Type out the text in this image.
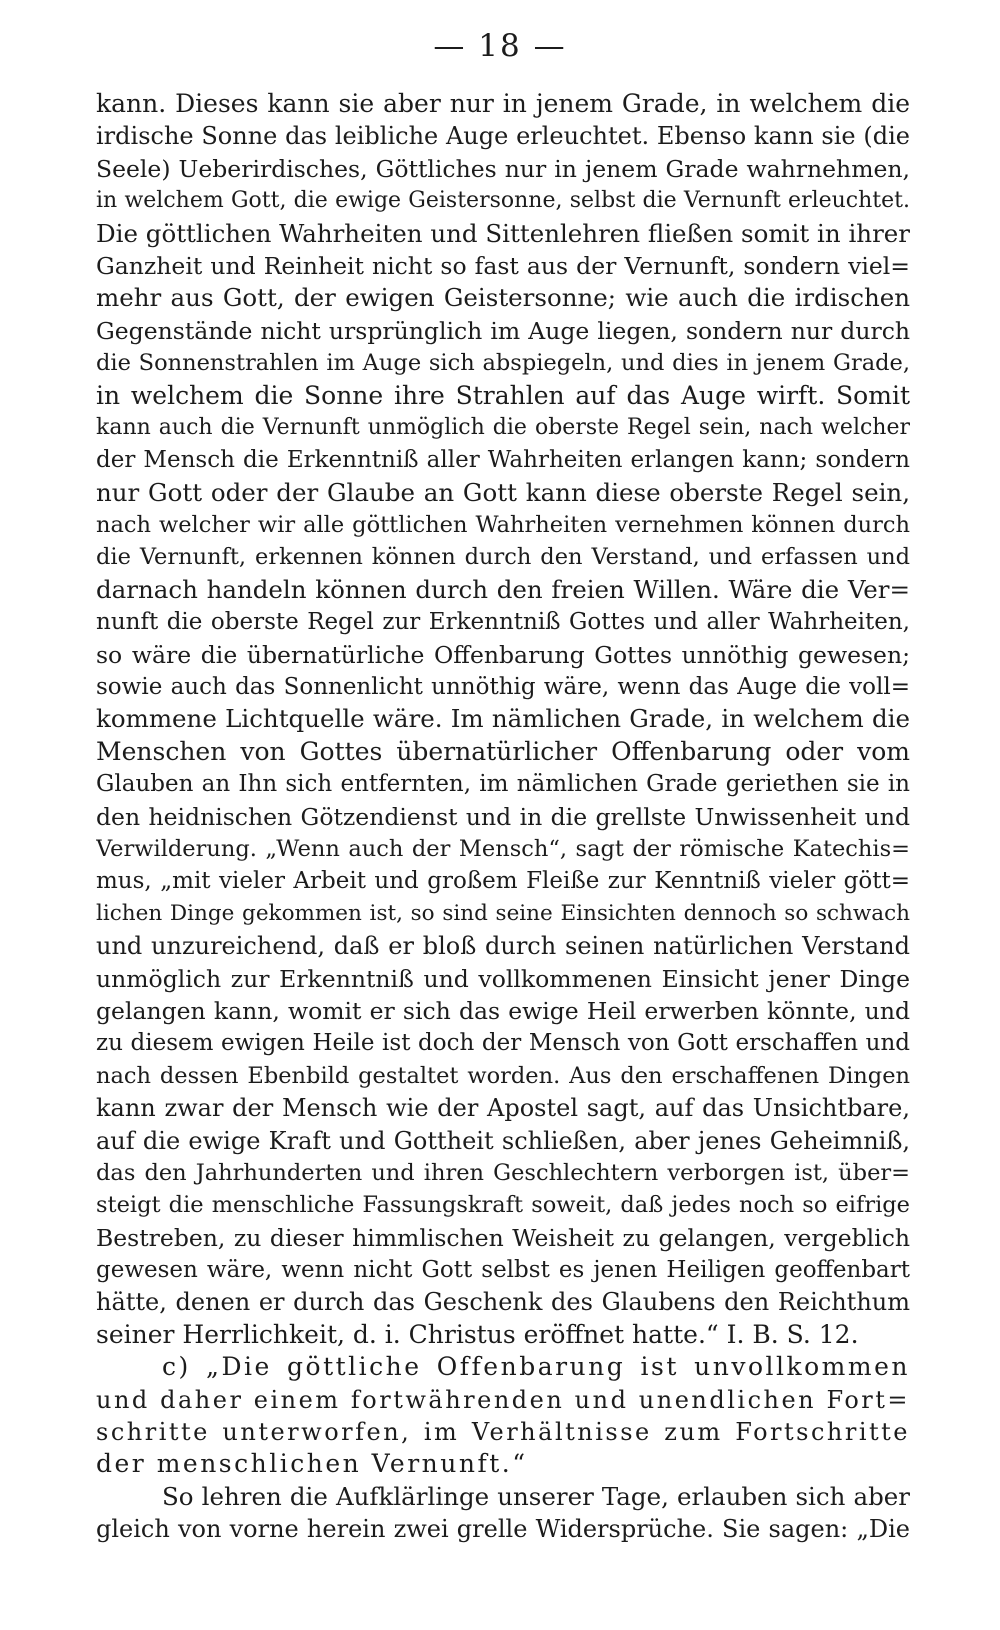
— 18 —
kann. Dieses kann sie aber nur in jenem Grade, in welchem die
irdische Sonne das leibliche Auge erleuchtet. Ebenso kann sie (die
Seele) Ueberirdisches, Göttliches nur in jenem Grade wahrnehmen,
in welchem Gott, die ewige Geistersonne, selbst die Vernunft erleuchtet.
Die göttlichen Wahrheiten und Sittenlehren fließen somit in ihrer
Ganzheit und Reinheit nicht so fast aus der Vernunft, sondern viel=
mehr aus Gott, der ewigen Geistersonne; wie auch die irdischen
Gegenstände nicht ursprünglich im Auge liegen, sondern nur durch
die Sonnenstrahlen im Auge sich abspiegeln, und dies in jenem Grade,
in welchem die Sonne ihre Strahlen auf das Auge wirft. Somit
kann auch die Vernunft unmöglich die oberste Regel sein, nach welcher
der Mensch die Erkenntniß aller Wahrheiten erlangen kann; sondern
nur Gott oder der Glaube an Gott kann diese oberste Regel sein,
nach welcher wir alle göttlichen Wahrheiten vernehmen können durch
die Vernunft, erkennen können durch den Verstand, und erfassen und
darnach handeln können durch den freien Willen. Wäre die Ver=
nunft die oberste Regel zur Erkenntniß Gottes und aller Wahrheiten,
so wäre die übernatürliche Offenbarung Gottes unnöthig gewesen;
sowie auch das Sonnenlicht unnöthig wäre, wenn das Auge die voll=
kommene Lichtquelle wäre. Im nämlichen Grade, in welchem die
Menschen von Gottes übernatürlicher Offenbarung oder vom
Glauben an Ihn sich entfernten, im nämlichen Grade geriethen sie in
den heidnischen Götzendienst und in die grellste Unwissenheit und
Verwilderung. „Wenn auch der Mensch“, sagt der römische Katechis=
mus, „mit vieler Arbeit und großem Fleiße zur Kenntniß vieler gött=
lichen Dinge gekommen ist, so sind seine Einsichten dennoch so schwach
und unzureichend, daß er bloß durch seinen natürlichen Verstand
unmöglich zur Erkenntniß und vollkommenen Einsicht jener Dinge
gelangen kann, womit er sich das ewige Heil erwerben könnte, und
zu diesem ewigen Heile ist doch der Mensch von Gott erschaffen und
nach dessen Ebenbild gestaltet worden. Aus den erschaffenen Dingen
kann zwar der Mensch wie der Apostel sagt, auf das Unsichtbare,
auf die ewige Kraft und Gottheit schließen, aber jenes Geheimniß,
das den Jahrhunderten und ihren Geschlechtern verborgen ist, über=
steigt die menschliche Fassungskraft soweit, daß jedes noch so eifrige
Bestreben, zu dieser himmlischen Weisheit zu gelangen, vergeblich
gewesen wäre, wenn nicht Gott selbst es jenen Heiligen geoffenbart
hätte, denen er durch das Geschenk des Glaubens den Reichthum
seiner Herrlichkeit, d. i. Christus eröffnet hatte.“ I. B. S. 12.
c) „Die göttliche Offenbarung ist unvollkommen
und daher einem fortwährenden und unendlichen Fort=
schritte unterworfen, im Verhältnisse zum Fortschritte
der menschlichen Vernunft.“
So lehren die Aufklärlinge unserer Tage, erlauben sich aber
gleich von vorne herein zwei grelle Widersprüche. Sie sagen: „Die
